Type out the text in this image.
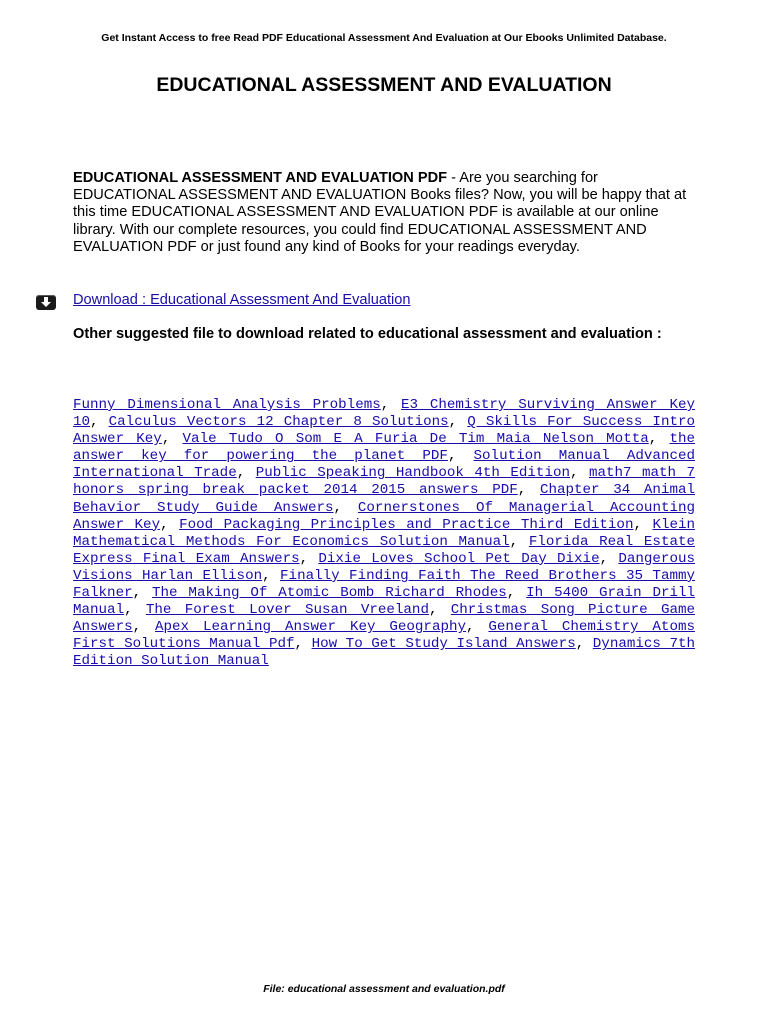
Get Instant Access to free Read PDF Educational Assessment And Evaluation at Our Ebooks Unlimited Database.
EDUCATIONAL ASSESSMENT AND EVALUATION
EDUCATIONAL ASSESSMENT AND EVALUATION PDF - Are you searching for EDUCATIONAL ASSESSMENT AND EVALUATION Books files? Now, you will be happy that at this time EDUCATIONAL ASSESSMENT AND EVALUATION PDF is available at our online library. With our complete resources, you could find EDUCATIONAL ASSESSMENT AND EVALUATION PDF or just found any kind of Books for your readings everyday.
Download : Educational Assessment And Evaluation
Other suggested file to download related to educational assessment and evaluation :
Funny Dimensional Analysis Problems, E3 Chemistry Surviving Answer Key 10, Calculus Vectors 12 Chapter 8 Solutions, Q Skills For Success Intro Answer Key, Vale Tudo O Som E A Furia De Tim Maia Nelson Motta, the answer key for powering the planet PDF, Solution Manual Advanced International Trade, Public Speaking Handbook 4th Edition, math7 math 7 honors spring break packet 2014 2015 answers PDF, Chapter 34 Animal Behavior Study Guide Answers, Cornerstones Of Managerial Accounting Answer Key, Food Packaging Principles and Practice Third Edition, Klein Mathematical Methods For Economics Solution Manual, Florida Real Estate Express Final Exam Answers, Dixie Loves School Pet Day Dixie, Dangerous Visions Harlan Ellison, Finally Finding Faith The Reed Brothers 35 Tammy Falkner, The Making Of Atomic Bomb Richard Rhodes, Ih 5400 Grain Drill Manual, The Forest Lover Susan Vreeland, Christmas Song Picture Game Answers, Apex Learning Answer Key Geography, General Chemistry Atoms First Solutions Manual Pdf, How To Get Study Island Answers, Dynamics 7th Edition Solution Manual
File: educational assessment and evaluation.pdf
